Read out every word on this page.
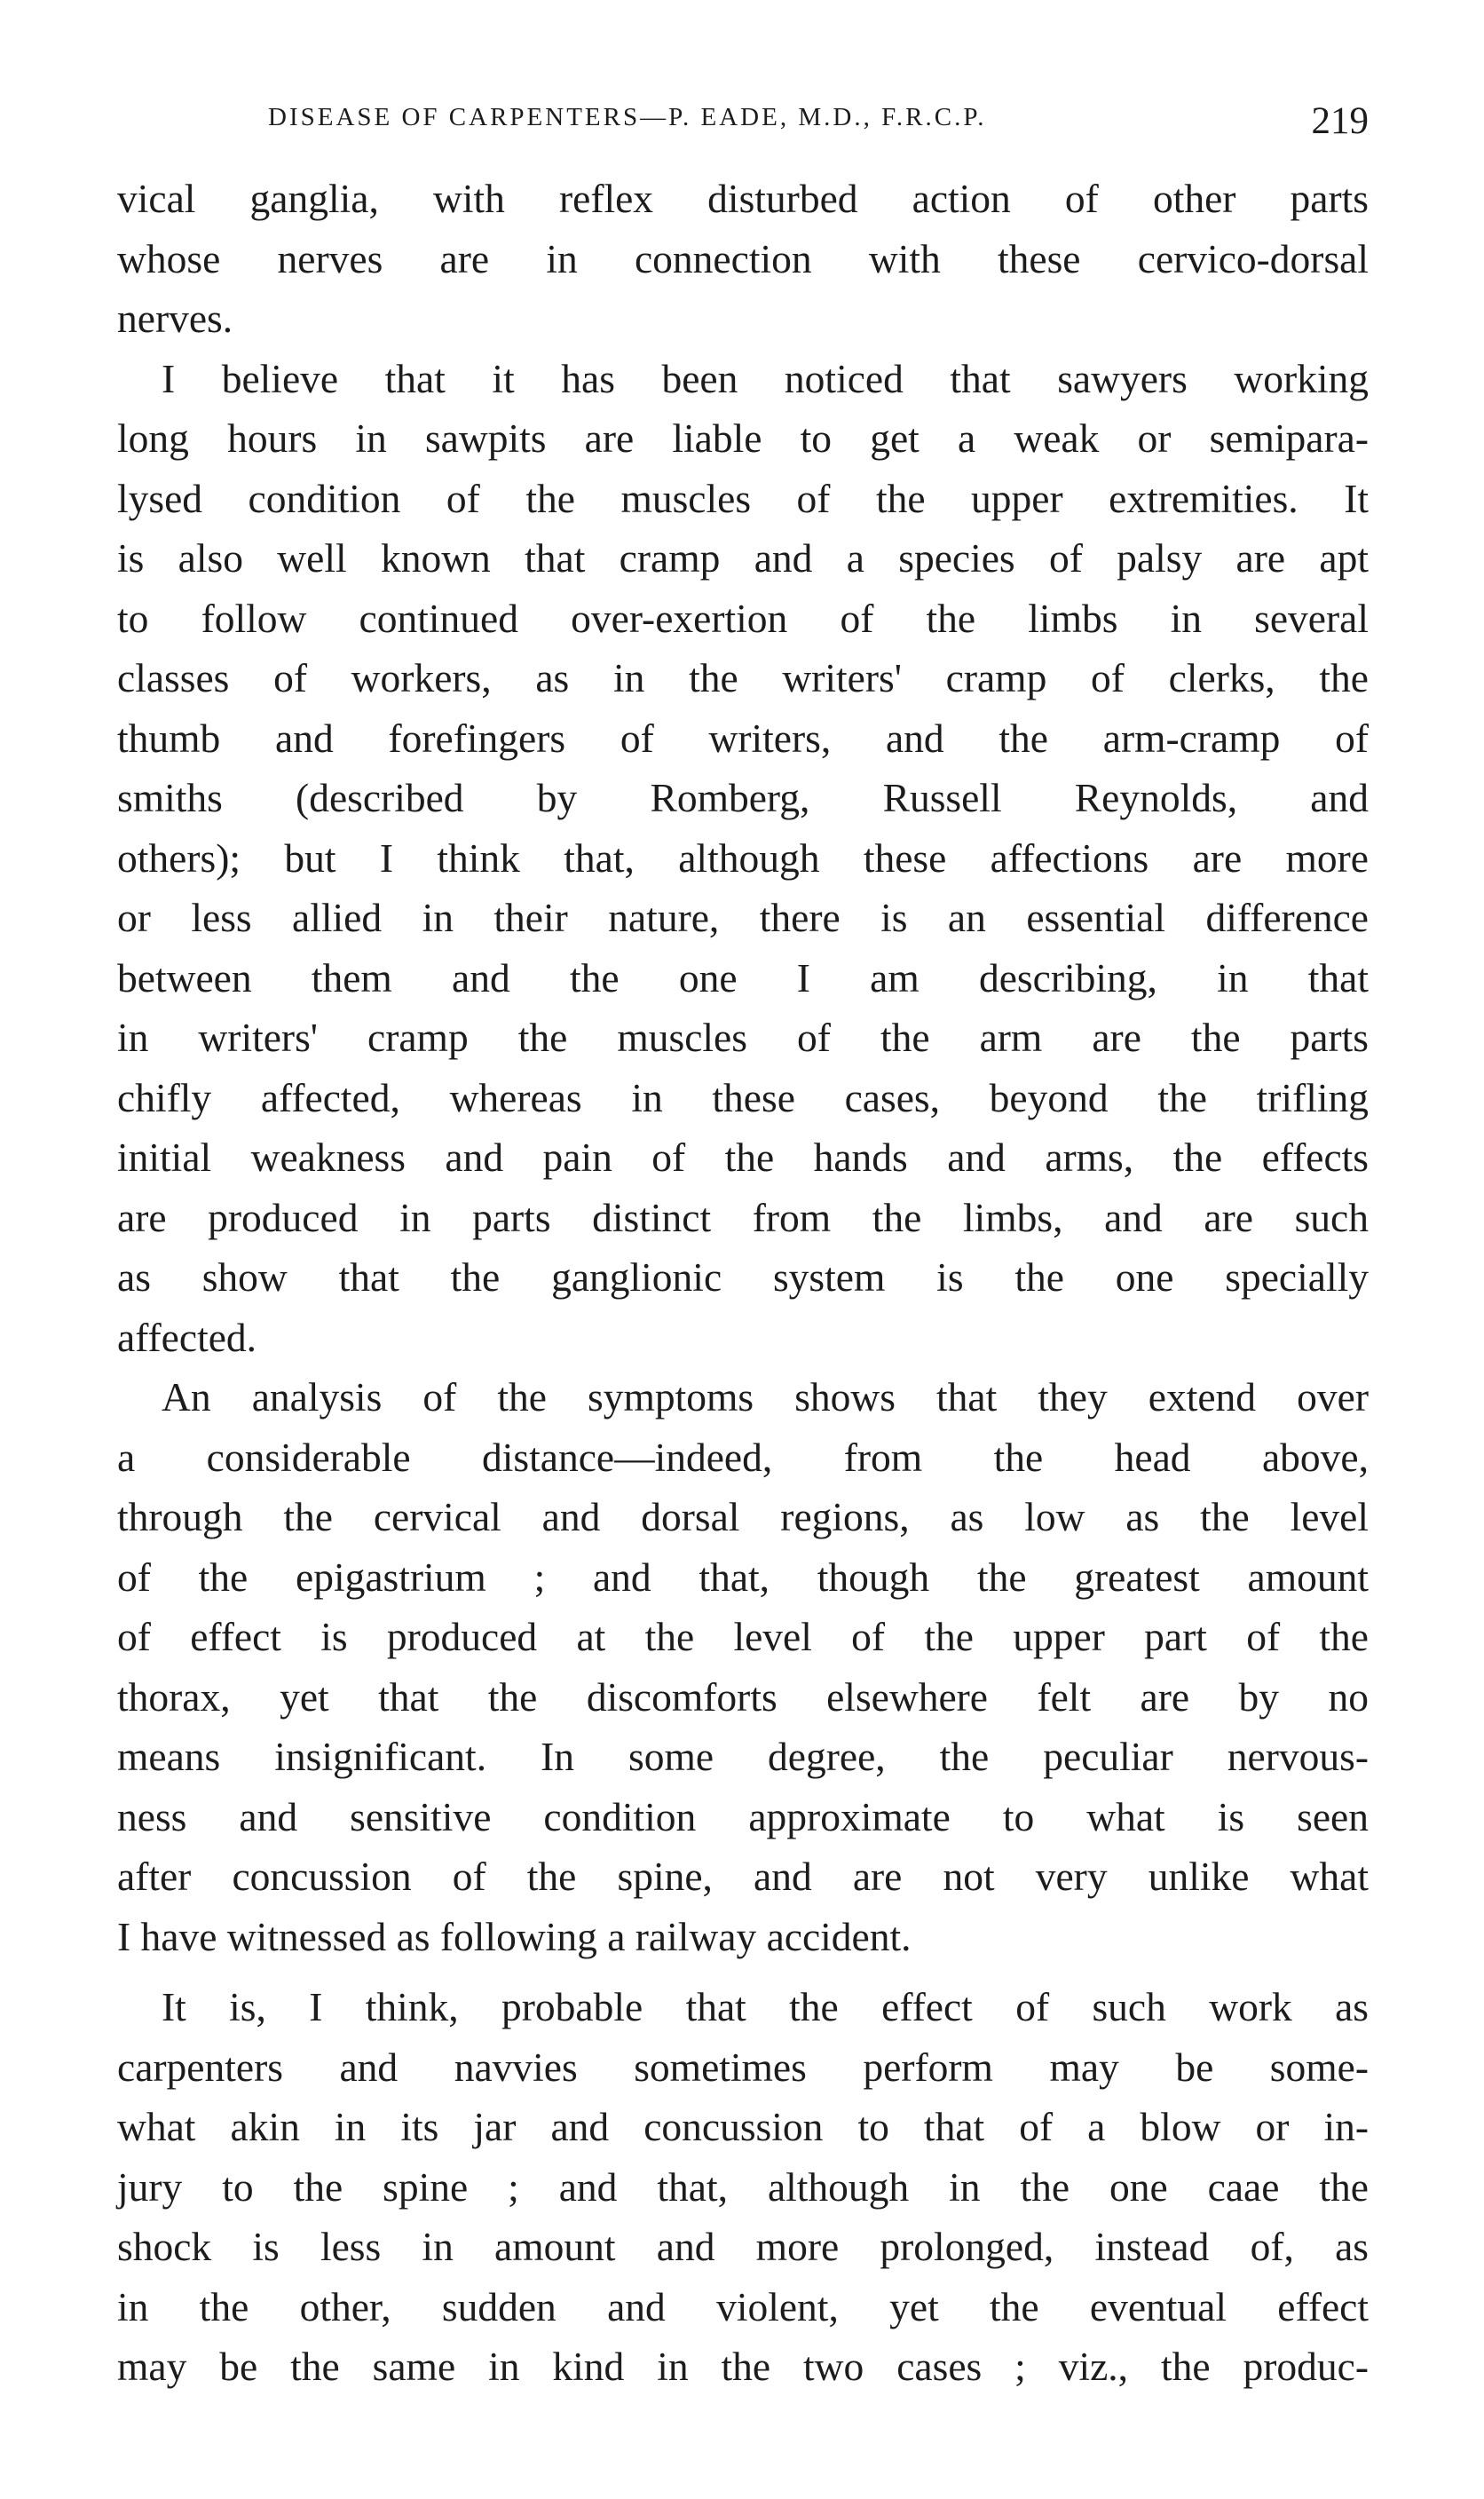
DISEASE OF CARPENTERS—P. EADE, M.D., F.R.C.P.	219
vical ganglia, with reflex disturbed action of other parts
whose nerves are in connection with these cervico-dorsal
nerves.
I believe that it has been noticed that sawyers working
long hours in sawpits are liable to get a weak or semipara-
lysed condition of the muscles of the upper extremities. It
is also well known that cramp and a species of palsy are apt
to follow continued over-exertion of the limbs in several
classes of workers, as in the writers' cramp of clerks, the
thumb and forefingers of writers, and the arm-cramp of
smiths (described by Romberg, Russell Reynolds, and
others); but I think that, although these affections are more
or less allied in their nature, there is an essential difference
between them and the one I am describing, in that
in writers' cramp the muscles of the arm are the parts
chifly affected, whereas in these cases, beyond the trifling
initial weakness and pain of the hands and arms, the effects
are produced in parts distinct from the limbs, and are such
as show that the ganglionic system is the one specially
affected.
An analysis of the symptoms shows that they extend over
a considerable distance—indeed, from the head above,
through the cervical and dorsal regions, as low as the level
of the epigastrium ; and that, though the greatest amount
of effect is produced at the level of the upper part of the
thorax, yet that the discomforts elsewhere felt are by no
means insignificant. In some degree, the peculiar nervous-
ness and sensitive condition approximate to what is seen
after concussion of the spine, and are not very unlike what
I have witnessed as following a railway accident.
It is, I think, probable that the effect of such work as
carpenters and navvies sometimes perform may be some-
what akin in its jar and concussion to that of a blow or in-
jury to the spine ; and that, although in the one caae the
shock is less in amount and more prolonged, instead of, as
in the other, sudden and violent, yet the eventual effect
may be the same in kind in the two cases ; viz., the produc-
